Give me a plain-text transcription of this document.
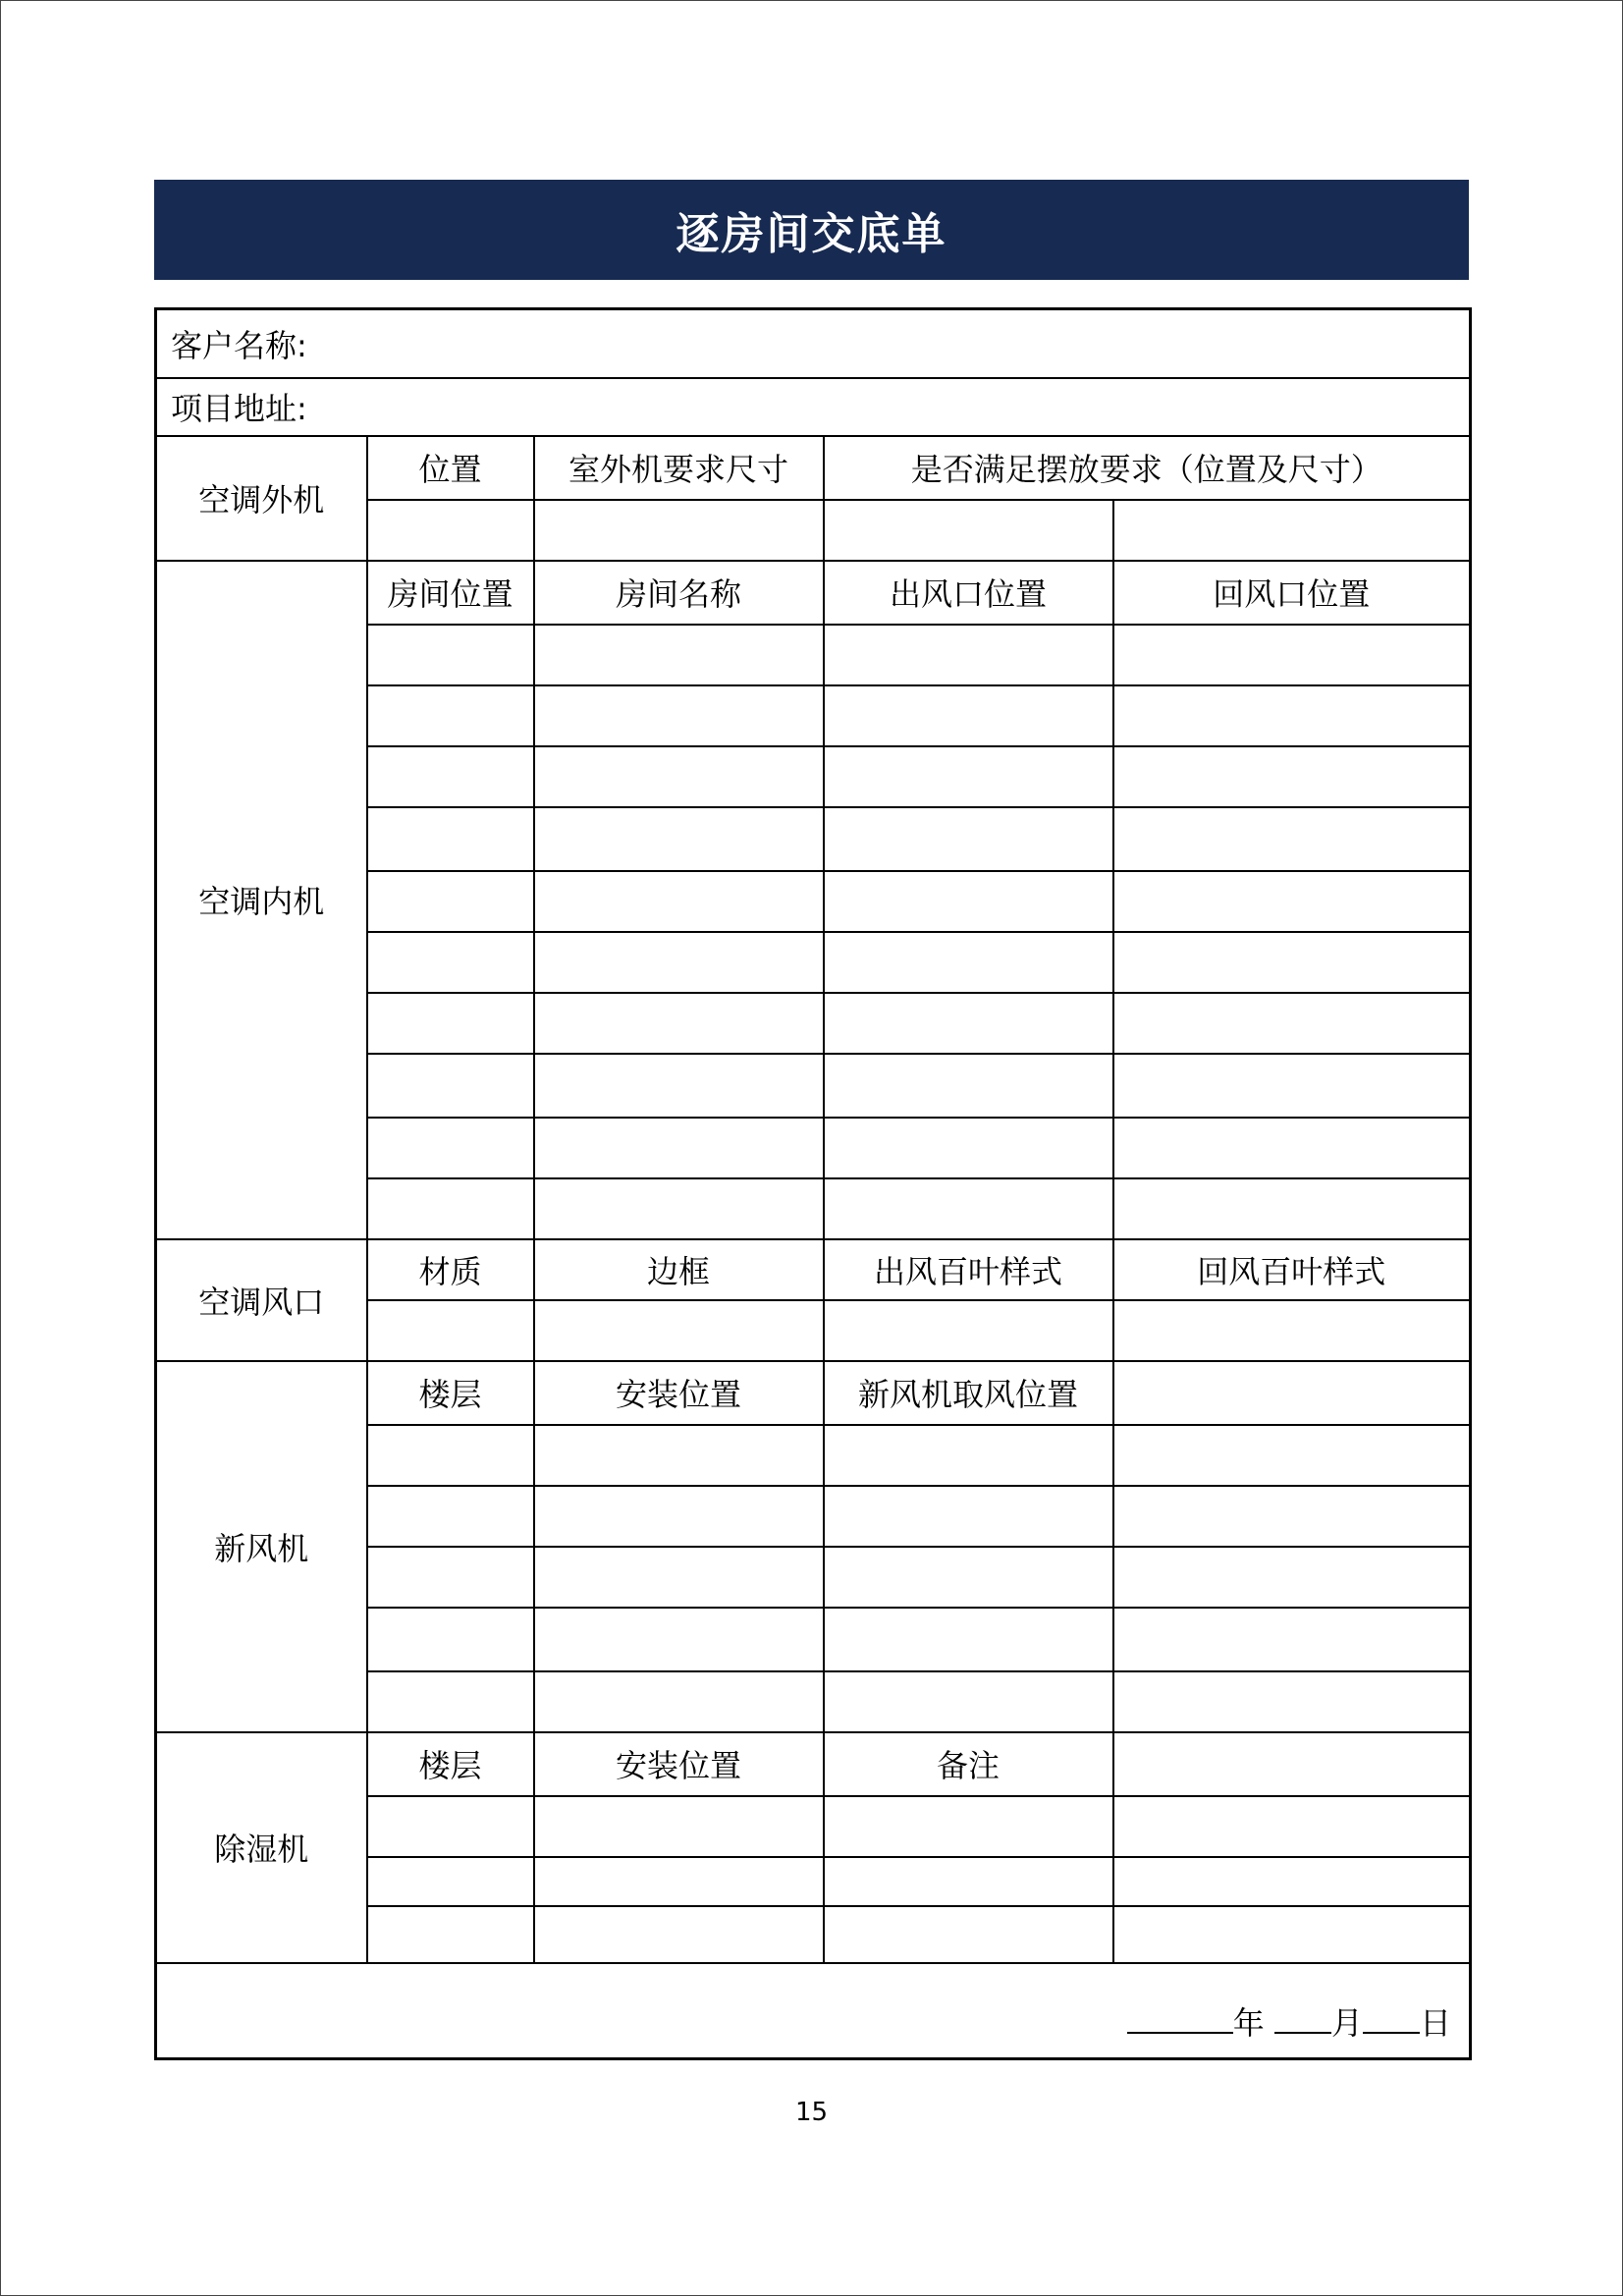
逐房间交底单
客户名称:				
项目地址:				
空调外机	位置	室外机要求尺寸	是否满足摆放要求（位置及尺寸）	

空调内机	房间位置	房间名称	出风口位置	回风口位置

空调风口	材质	边框	出风百叶样式	回风百叶样式

新风机	楼层	安装位置	新风机取风位置	

除湿机	楼层	安装位置	备注	

年 月 日				
15
